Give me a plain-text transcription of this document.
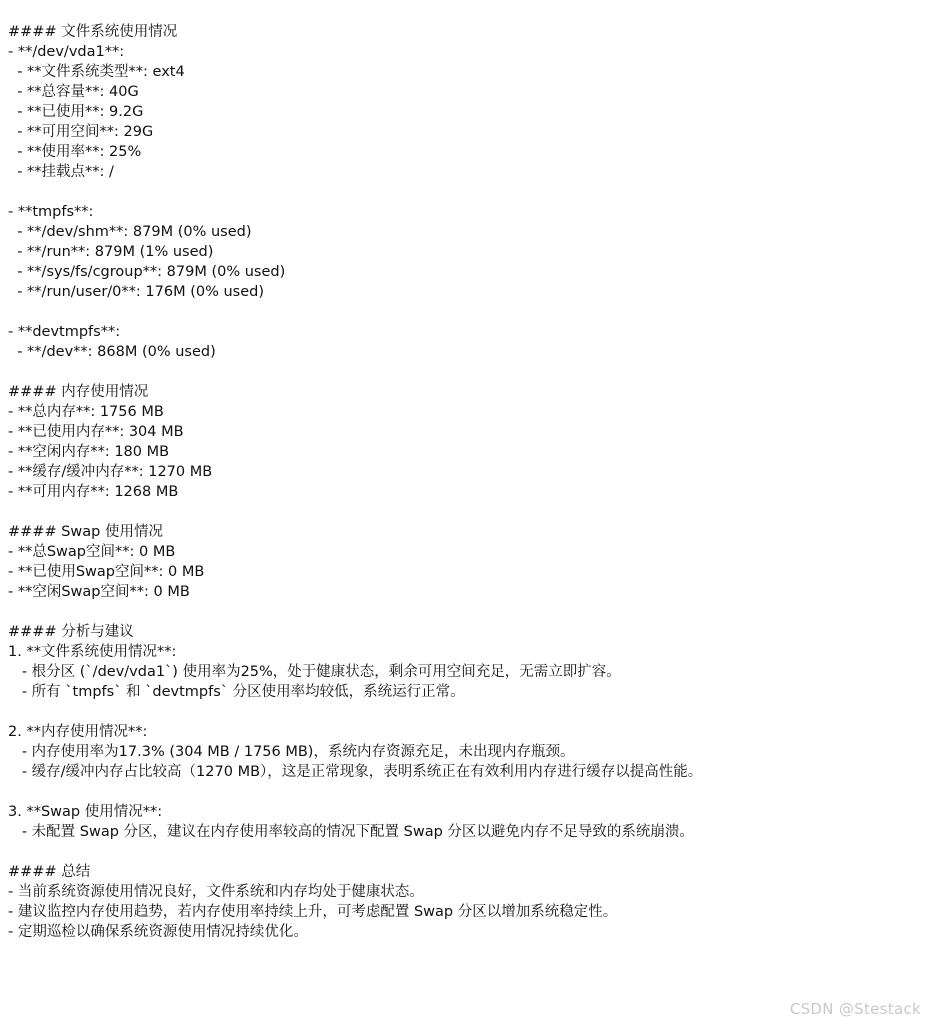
#### 文件系统使用情况
- **/dev/vda1**:
- **文件系统类型**: ext4
- **总容量**: 40G
- **已使用**: 9.2G
- **可用空间**: 29G
- **使用率**: 25%
- **挂载点**: /
- **tmpfs**:
- **/dev/shm**: 879M (0% used)
- **/run**: 879M (1% used)
- **/sys/fs/cgroup**: 879M (0% used)
- **/run/user/0**: 176M (0% used)
- **devtmpfs**:
- **/dev**: 868M (0% used)
#### 内存使用情况
- **总内存**: 1756 MB
- **已使用内存**: 304 MB
- **空闲内存**: 180 MB
- **缓存/缓冲内存**: 1270 MB
- **可用内存**: 1268 MB
#### Swap 使用情况
- **总Swap空间**: 0 MB
- **已使用Swap空间**: 0 MB
- **空闲Swap空间**: 0 MB
#### 分析与建议
1. **文件系统使用情况**:
- 根分区 (`/dev/vda1`) 使用率为25%，处于健康状态，剩余可用空间充足，无需立即扩容。
- 所有 `tmpfs` 和 `devtmpfs` 分区使用率均较低，系统运行正常。
2. **内存使用情况**:
- 内存使用率为17.3% (304 MB / 1756 MB)，系统内存资源充足，未出现内存瓶颈。
- 缓存/缓冲内存占比较高（1270 MB），这是正常现象，表明系统正在有效利用内存进行缓存以提高性能。
3. **Swap 使用情况**:
- 未配置 Swap 分区，建议在内存使用率较高的情况下配置 Swap 分区以避免内存不足导致的系统崩溃。
#### 总结
- 当前系统资源使用情况良好，文件系统和内存均处于健康状态。
- 建议监控内存使用趋势，若内存使用率持续上升，可考虑配置 Swap 分区以增加系统稳定性。
- 定期巡检以确保系统资源使用情况持续优化。
CSDN @Stestack
